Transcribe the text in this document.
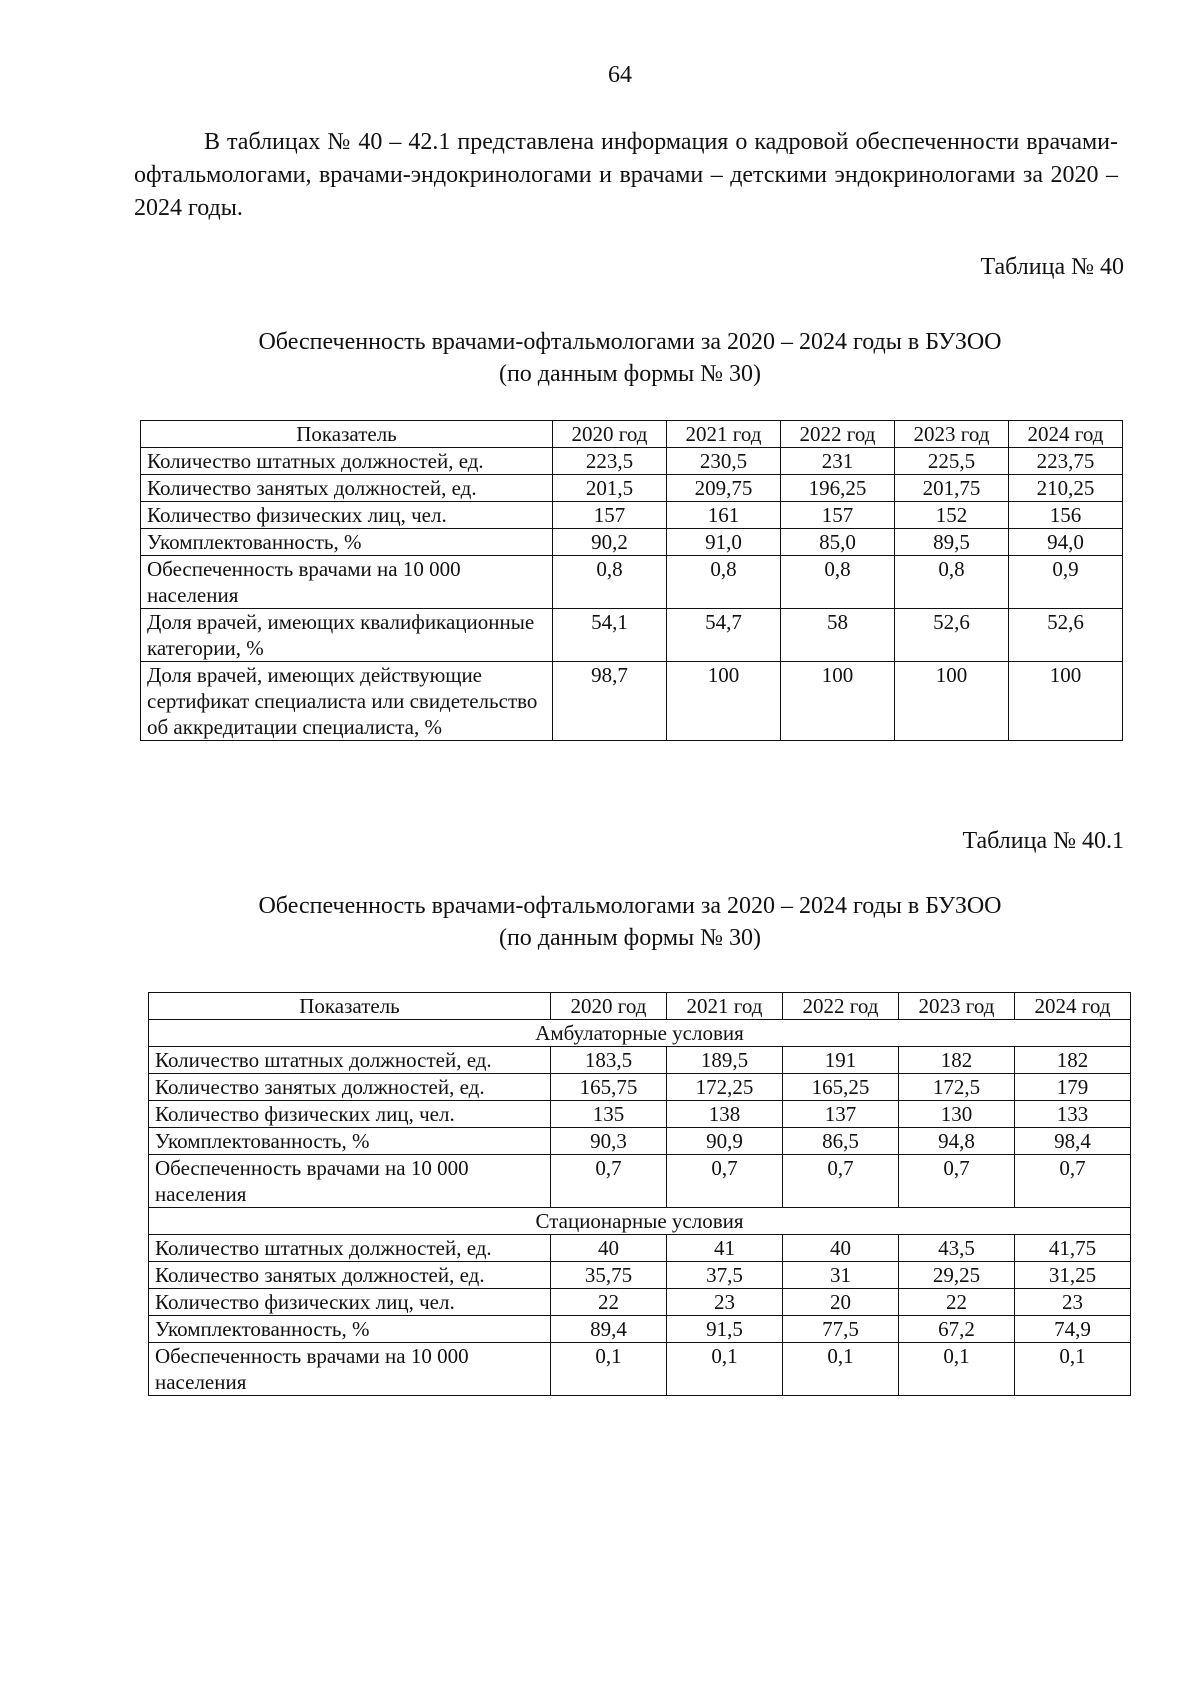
64

В таблицах № 40 – 42.1 представлена информация о кадровой обеспеченности врачами-офтальмологами, врачами-эндокринологами и врачами – детскими эндокринологами за 2020 – 2024 годы.

Таблица № 40
Обеспеченность врачами-офтальмологами за 2020 – 2024 годы в БУЗОО
(по данным формы № 30)
Показатель	2020 год	2021 год	2022 год	2023 год	2024 год
Количество штатных должностей, ед.	223,5	230,5	231	225,5	223,75
Количество занятых должностей, ед.	201,5	209,75	196,25	201,75	210,25
Количество физических лиц, чел.	157	161	157	152	156
Укомплектованность, %	90,2	91,0	85,0	89,5	94,0
Обеспеченность врачами на 10 000 населения	0,8	0,8	0,8	0,8	0,9
Доля врачей, имеющих квалификационные категории, %	54,1	54,7	58	52,6	52,6
Доля врачей, имеющих действующие сертификат специалиста или свидетельство об аккредитации специалиста, %	98,7	100	100	100	100
Таблица № 40.1
Обеспеченность врачами-офтальмологами за 2020 – 2024 годы в БУЗОО
(по данным формы № 30)
Показатель	2020 год	2021 год	2022 год	2023 год	2024 год
Амбулаторные условия					
Количество штатных должностей, ед.	183,5	189,5	191	182	182
Количество занятых должностей, ед.	165,75	172,25	165,25	172,5	179
Количество физических лиц, чел.	135	138	137	130	133
Укомплектованность, %	90,3	90,9	86,5	94,8	98,4
Обеспеченность врачами на 10 000 населения	0,7	0,7	0,7	0,7	0,7
Стационарные условия					
Количество штатных должностей, ед.	40	41	40	43,5	41,75
Количество занятых должностей, ед.	35,75	37,5	31	29,25	31,25
Количество физических лиц, чел.	22	23	20	22	23
Укомплектованность, %	89,4	91,5	77,5	67,2	74,9
Обеспеченность врачами на 10 000 населения	0,1	0,1	0,1	0,1	0,1
